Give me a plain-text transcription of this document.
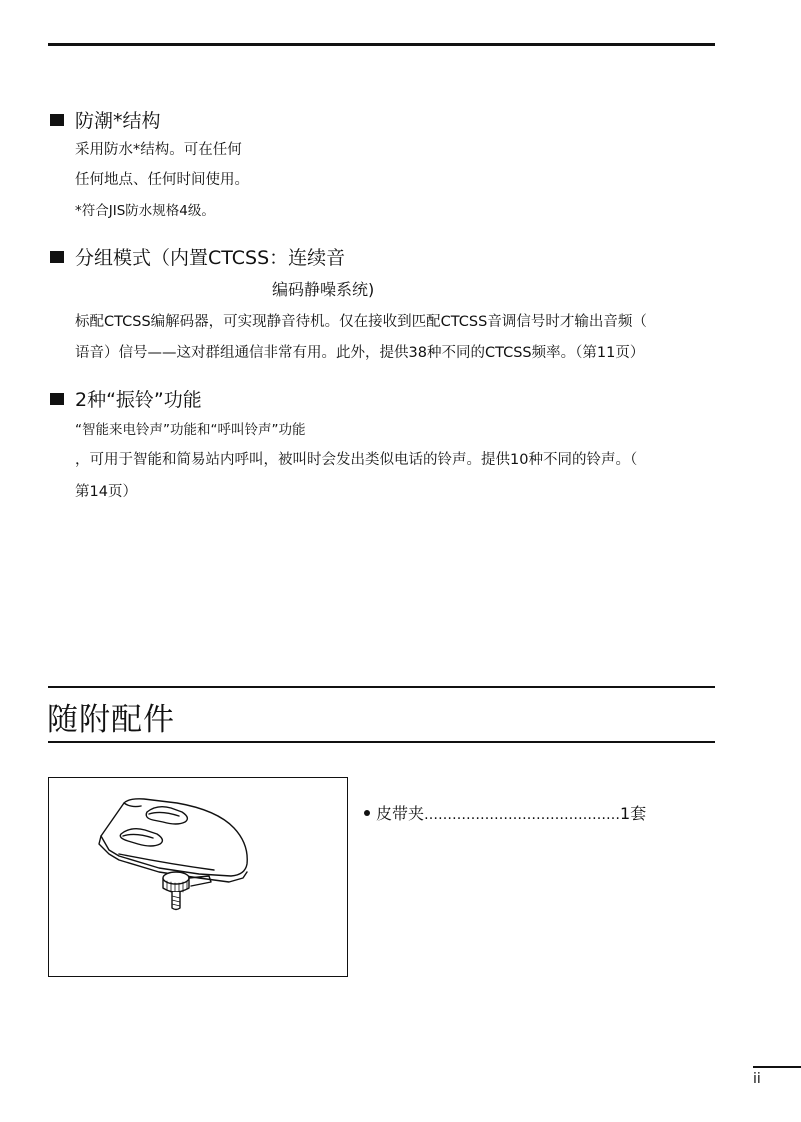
防潮*结构
采用防水*结构。可在任何
任何地点、任何时间使用。
*符合JIS防水规格4级。
分组模式（内置CTCSS：连续音
编码静噪系统)
标配CTCSS编解码器，可实现静音待机。仅在接收到匹配CTCSS音调信号时才输出音频（
语音）信号——这对群组通信非常有用。此外，提供38种不同的CTCSS频率。（第11页）
2种“振铃”功能
“智能来电铃声”功能和“呼叫铃声”功能
，可用于智能和简易站内呼叫，被叫时会发出类似电话的铃声。提供10种不同的铃声。（
第14页）
随附配件
皮带夹……………………………………1套
ii
